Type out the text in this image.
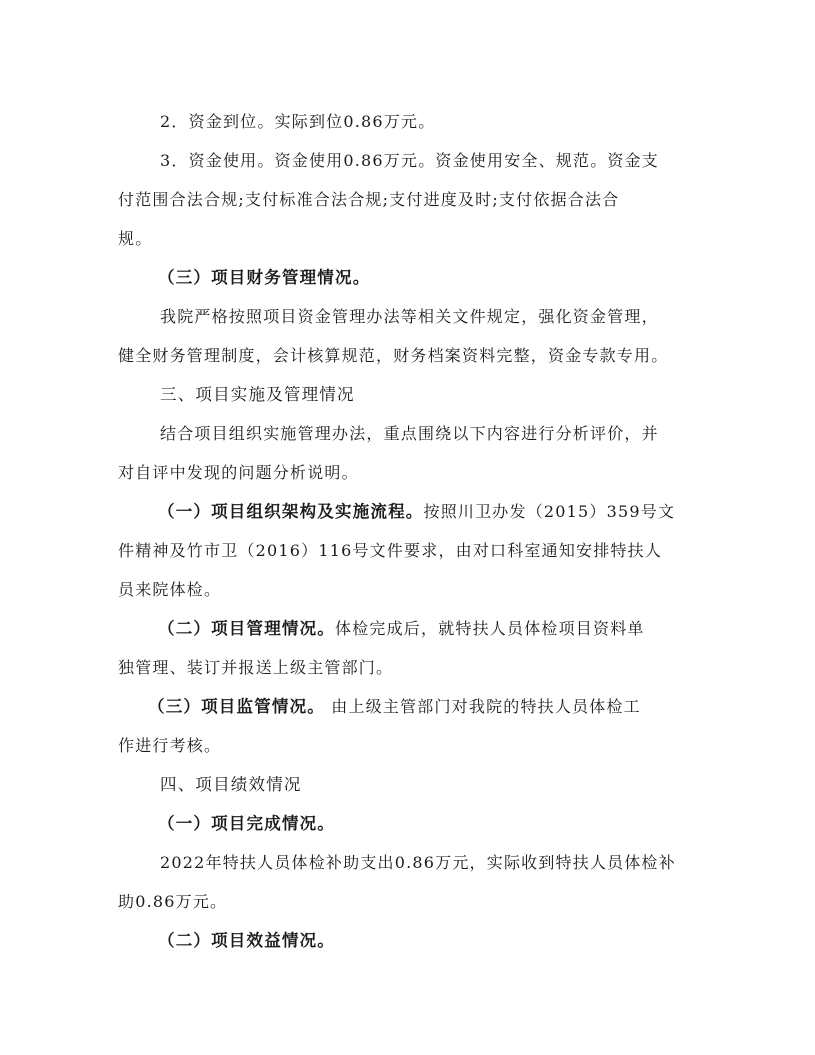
2．资金到位。实际到位0.86万元。
3．资金使用。资金使用0.86万元。资金使用安全、规范。资金支
付范围合法合规;支付标准合法合规;支付进度及时;支付依据合法合
规。
（三）项目财务管理情况。
我院严格按照项目资金管理办法等相关文件规定，强化资金管理，
健全财务管理制度，会计核算规范，财务档案资料完整，资金专款专用。
三、项目实施及管理情况
结合项目组织实施管理办法，重点围绕以下内容进行分析评价，并
对自评中发现的问题分析说明。
（一）项目组织架构及实施流程。按照川卫办发（2015）359号文
件精神及竹市卫（2016）116号文件要求，由对口科室通知安排特扶人
员来院体检。
（二）项目管理情况。体检完成后，就特扶人员体检项目资料单
独管理、装订并报送上级主管部门。
（三）项目监管情况。 由上级主管部门对我院的特扶人员体检工
作进行考核。
四、项目绩效情况
（一）项目完成情况。
2022年特扶人员体检补助支出0.86万元，实际收到特扶人员体检补
助0.86万元。
（二）项目效益情况。
